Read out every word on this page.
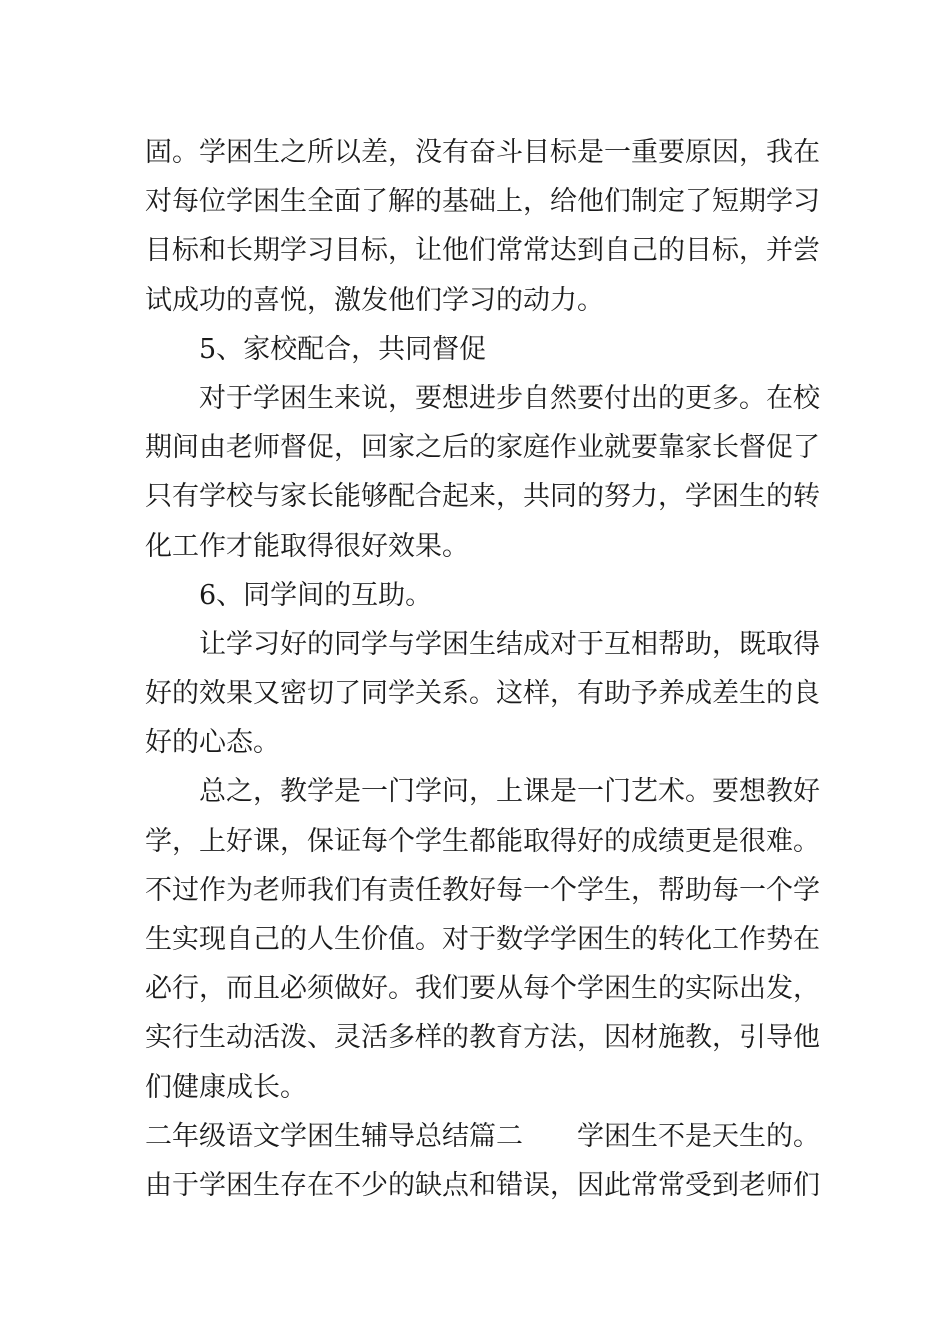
固。学困生之所以差，没有奋斗目标是一重要原因，我在
对每位学困生全面了解的基础上，给他们制定了短期学习
目标和长期学习目标，让他们常常达到自己的目标，并尝
试成功的喜悦，激发他们学习的动力。
5、家校配合，共同督促
对于学困生来说，要想进步自然要付出的更多。在校
期间由老师督促，回家之后的家庭作业就要靠家长督促了
只有学校与家长能够配合起来，共同的努力，学困生的转
化工作才能取得很好效果。
6、同学间的互助。
让学习好的同学与学困生结成对于互相帮助，既取得
好的效果又密切了同学关系。这样，有助予养成差生的良
好的心态。
总之，教学是一门学问，上课是一门艺术。要想教好
学，上好课，保证每个学生都能取得好的成绩更是很难。
不过作为老师我们有责任教好每一个学生，帮助每一个学
生实现自己的人生价值。对于数学学困生的转化工作势在
必行，而且必须做好。我们要从每个学困生的实际出发，
实行生动活泼、灵活多样的教育方法，因材施教，引导他
们健康成长。
二年级语文学困生辅导总结篇二　　学困生不是天生的。
由于学困生存在不少的缺点和错误，因此常常受到老师们
